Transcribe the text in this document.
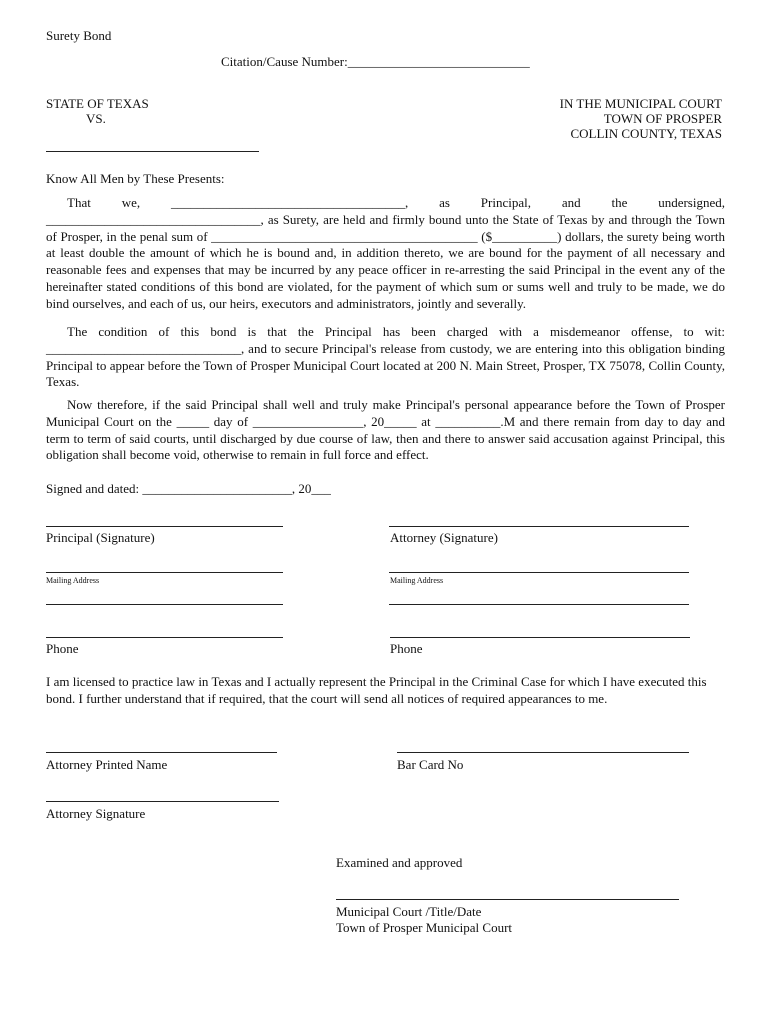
Surety Bond
Citation/Cause Number:____________________________
STATE OF TEXAS
VS.
IN THE MUNICIPAL COURT
TOWN OF PROSPER
COLLIN COUNTY, TEXAS
Know All Men by These Presents:
That we, ____________________________________, as Principal, and the undersigned, _________________________________, as Surety, are held and firmly bound unto the State of Texas by and through the Town of Prosper, in the penal sum of _________________________________________ ($__________) dollars, the surety being worth at least double the amount of which he is bound and, in addition thereto, we are bound for the payment of all necessary and reasonable fees and expenses that may be incurred by any peace officer in re-arresting the said Principal in the event any of the hereinafter stated conditions of this bond are violated, for the payment of which sum or sums well and truly to be made, we do bind ourselves, and each of us, our heirs, executors and administrators, jointly and severally.
The condition of this bond is that the Principal has been charged with a misdemeanor offense, to wit: ______________________________, and to secure Principal's release from custody, we are entering into this obligation binding Principal to appear before the Town of Prosper Municipal Court located at 200 N. Main Street, Prosper, TX 75078, Collin County, Texas.
Now therefore, if the said Principal shall well and truly make Principal's personal appearance before the Town of Prosper Municipal Court on the _____ day of _________________, 20_____ at __________.M and there remain from day to day and term to term of said courts, until discharged by due course of law, then and there to answer said accusation against Principal, this obligation shall become void, otherwise to remain in full force and effect.
Signed and dated: _______________________, 20___
Principal (Signature)	Attorney (Signature)
Mailing Address	Mailing Address
Phone	Phone
I am licensed to practice law in Texas and I actually represent the Principal in the Criminal Case for which I have executed this bond. I further understand that if required, that the court will send all notices of required appearances to me.
Attorney Printed Name	Bar Card No
Attorney Signature
Examined and approved
Municipal Court /Title/Date
Town of Prosper Municipal Court
